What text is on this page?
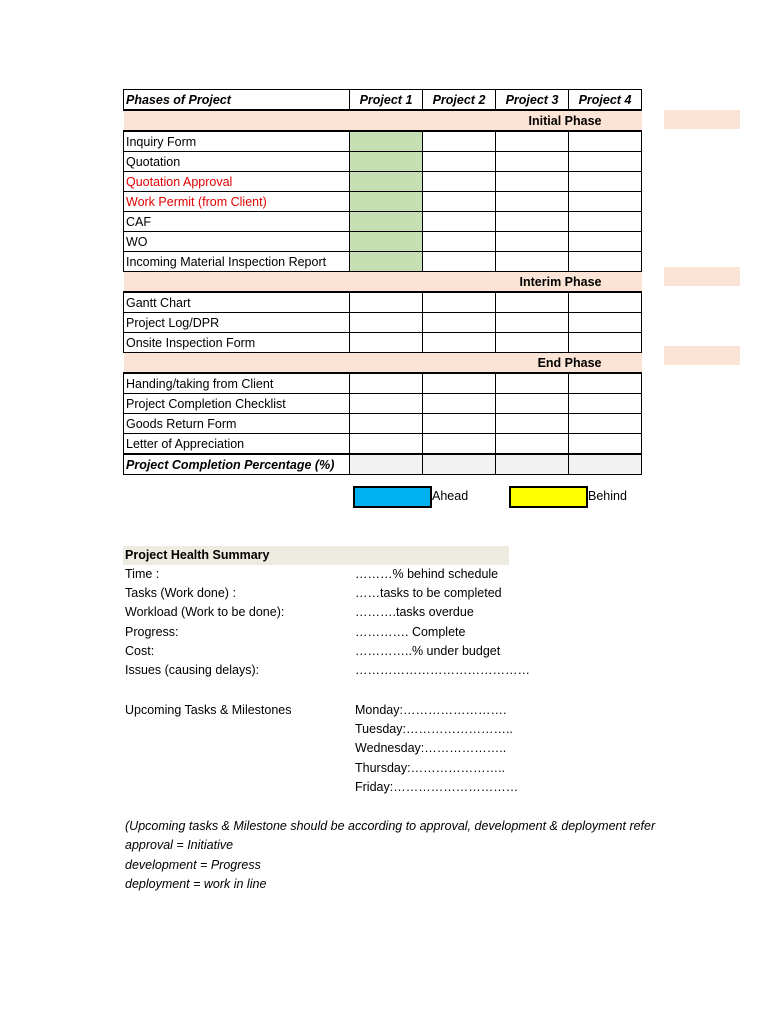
Phases of Project	Project 1	Project 2	Project 3	Project 4
Initial Phase				
Inquiry Form				
Quotation				
Quotation Approval				
Work Permit (from Client)				
CAF				
WO				
Incoming Material Inspection Report				
Interim Phase				
Gantt Chart				
Project Log/DPR				
Onsite Inspection Form				
End Phase				
Handing/taking from Client				
Project Completion Checklist				
Goods Return Form				
Letter of Appreciation				
Project Completion Percentage (%)				
Ahead	Behind
Project Health Summary
Time :	………% behind schedule
Tasks (Work done) :	……tasks to be completed
Workload (Work to be done):	……….tasks overdue
Progress:	…………. Complete
Cost:	…………..% under budget
Issues (causing delays):	……………………………………
Upcoming Tasks & Milestones	Monday:…………………….
Tuesday:……………………..
Wednesday:………………..
Thursday:…………………..
Friday:…………………………
(Upcoming tasks & Milestone should be according to approval, development & deployment refer
approval = Initiative
development = Progress
deployment = work in line
